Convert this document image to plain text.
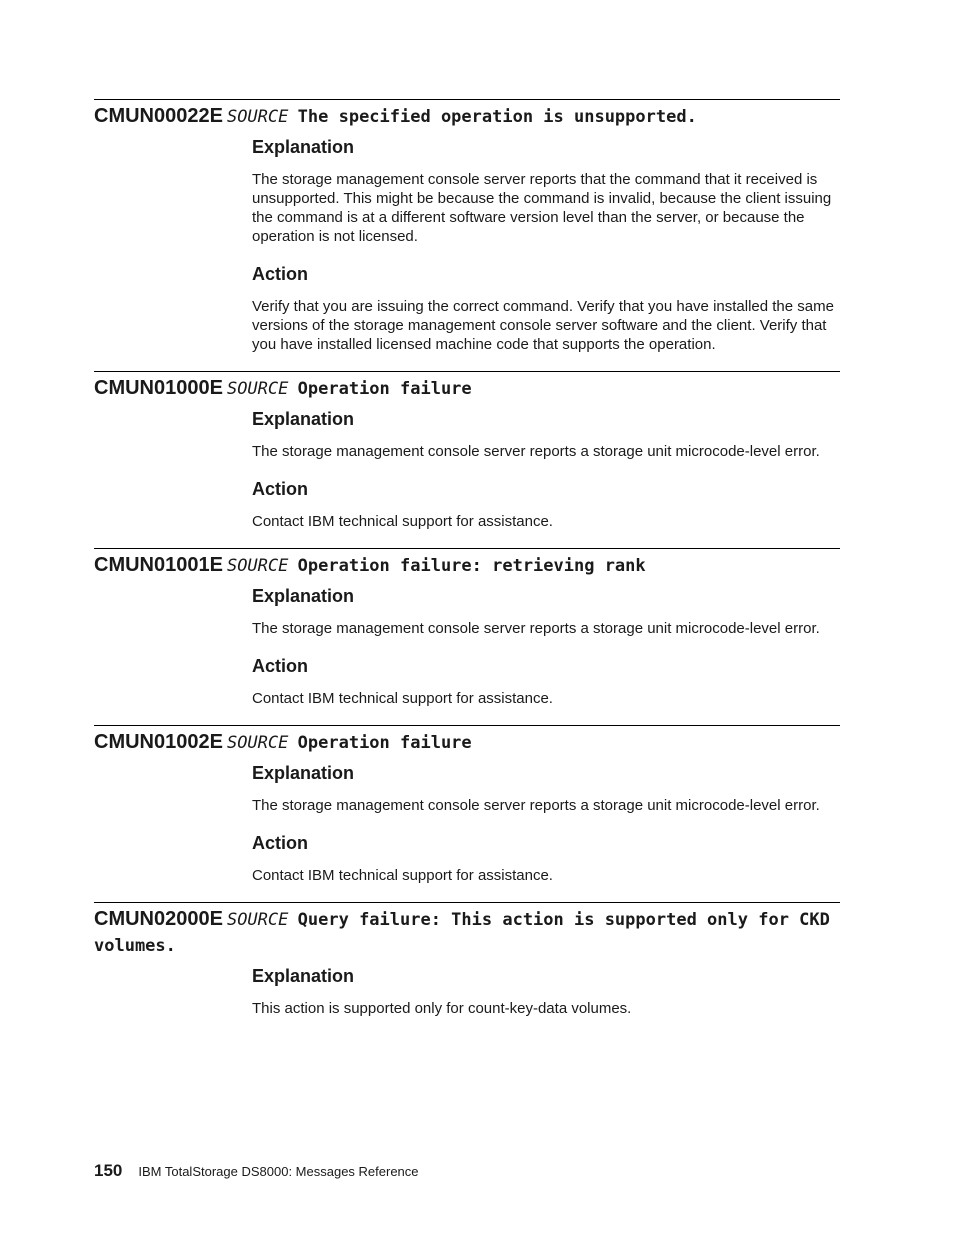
CMUN00022E SOURCE The specified operation is unsupported.

Explanation

The storage management console server reports that the command that it received is unsupported. This might be because the command is invalid, because the client issuing the command is at a different software version level than the server, or because the operation is not licensed.

Action

Verify that you are issuing the correct command. Verify that you have installed the same versions of the storage management console server software and the client. Verify that you have installed licensed machine code that supports the operation.

CMUN01000E SOURCE Operation failure

Explanation

The storage management console server reports a storage unit microcode-level error.

Action

Contact IBM technical support for assistance.

CMUN01001E SOURCE Operation failure: retrieving rank

Explanation

The storage management console server reports a storage unit microcode-level error.

Action

Contact IBM technical support for assistance.

CMUN01002E SOURCE Operation failure

Explanation

The storage management console server reports a storage unit microcode-level error.

Action

Contact IBM technical support for assistance.

CMUN02000E SOURCE Query failure: This action is supported only for CKD volumes.

Explanation

This action is supported only for count-key-data volumes.

150 IBM TotalStorage DS8000: Messages Reference
